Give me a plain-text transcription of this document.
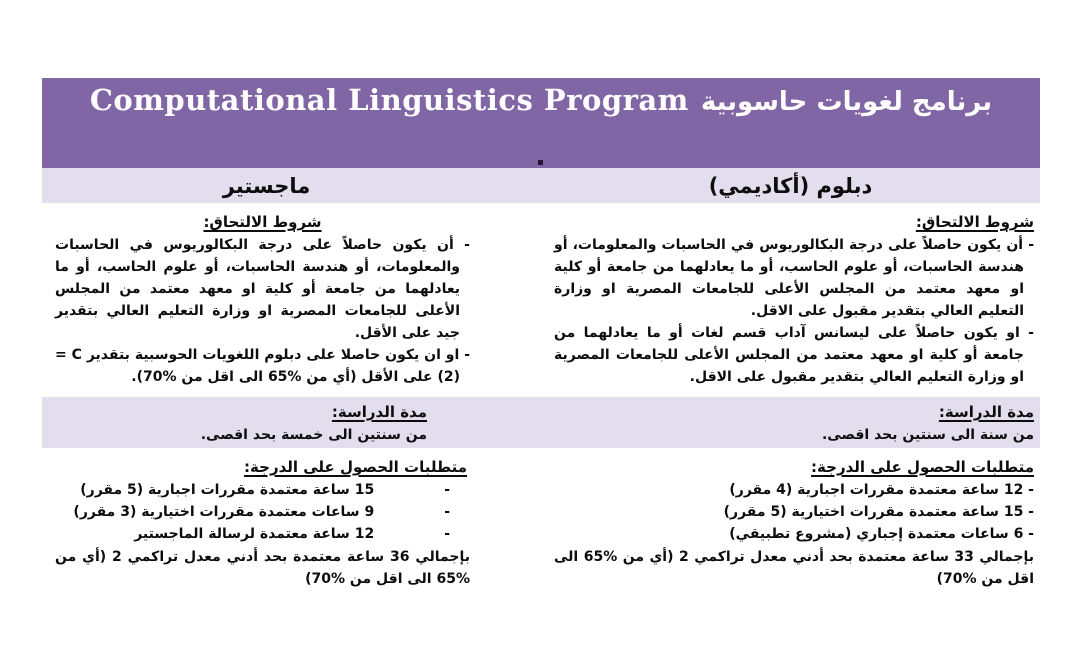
برنامج لغويات حاسوبيةComputational Linguistics Program
ماجستير	دبلوم (أكاديمي)
شروط الالتحاق:

- أن يكون حاصلاً على درجة البكالوريوس في الحاسبات والمعلومات، أو هندسة الحاسبات، أو علوم الحاسب، أو ما يعادلهما من جامعة أو كلية او معهد معتمد من المجلس الأعلى للجامعات المصرية او وزارة التعليم العالي بتقدير جيد على الأقل.

- او ان يكون حاصلا على دبلوم اللغويات الحوسبية بتقدير C‏ = (2) على الأقل (أي من %65 الى اقل من %70).

شروط الالتحاق:

- أن يكون حاصلاً على درجة البكالوريوس في الحاسبات والمعلومات، أو هندسة الحاسبات، أو علوم الحاسب، أو ما يعادلهما من جامعة أو كلية او معهد معتمد من المجلس الأعلى للجامعات المصرية او وزارة التعليم العالي بتقدير مقبول على الاقل.

- او يكون حاصلاً على ليسانس آداب قسم لغات أو ما يعادلهما من جامعة أو كلية او معهد معتمد من المجلس الأعلى للجامعات المصرية او وزارة التعليم العالي بتقدير مقبول على الاقل.

مدة الدراسة:

من سنتين الى خمسة بحد اقصى.

مدة الدراسة:

من سنة الى سنتين بحد اقصى.

متطلبات الحصول على الدرجة:
-
15 ساعة معتمدة مقررات اجبارية (5 مقرر)
-
9 ساعات معتمدة مقررات اختيارية (3 مقرر)
-
12 ساعة معتمدة لرسالة الماجستير

بإجمالي 36 ساعة معتمدة بحد أدني معدل تراكمي 2 (أي من %65 الى اقل من %70)

متطلبات الحصول على الدرجة:

- 12 ساعة معتمدة مقررات اجبارية (4 مقرر)

- 15 ساعة معتمدة مقررات اختيارية (5 مقرر)

- 6 ساعات معتمدة إجباري (مشروع تطبيقي)

بإجمالي 33 ساعة معتمدة بحد أدني معدل تراكمي 2 (أي من %65 الى اقل من %70)
